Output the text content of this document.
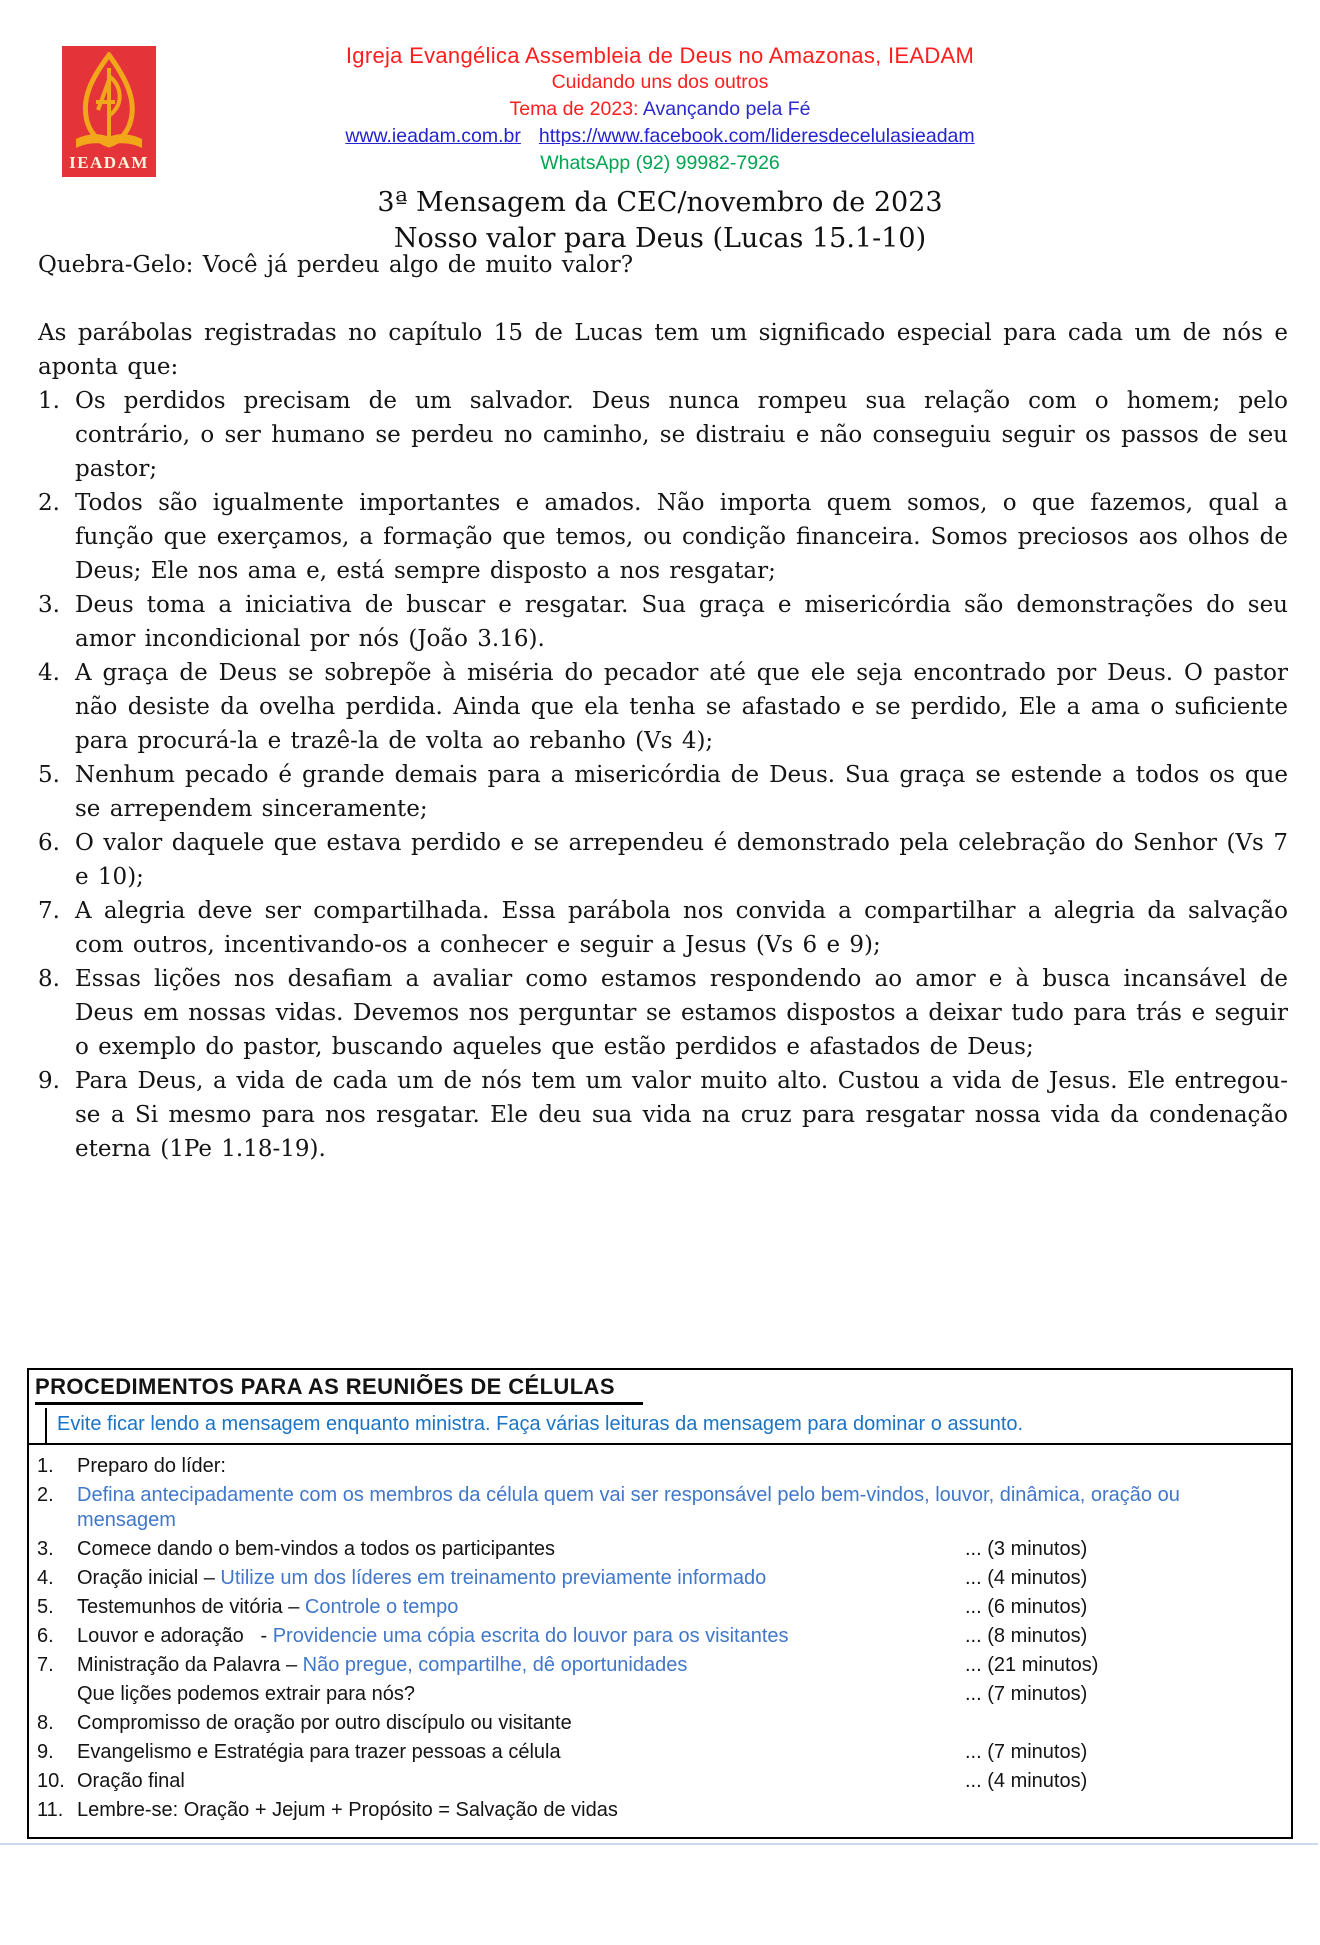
IEADAM
Igreja Evangélica Assembleia de Deus no Amazonas, IEADAM
Cuidando uns dos outros
Tema de 2023: Avançando pela Fé
www.ieadam.com.br https://www.facebook.com/lideresdecelulasieadam
WhatsApp (92) 99982-7926
3ª Mensagem da CEC/novembro de 2023
Nosso valor para Deus (Lucas 15.1-10)

Quebra-Gelo: Você já perdeu algo de muito valor?

As parábolas registradas no capítulo 15 de Lucas tem um significado especial para cada um de nós e aponta que:

1. Os perdidos precisam de um salvador. Deus nunca rompeu sua relação com o homem; pelo contrário, o ser humano se perdeu no caminho, se distraiu e não conseguiu seguir os passos de seu pastor;
2. Todos são igualmente importantes e amados. Não importa quem somos, o que fazemos, qual a função que exerçamos, a formação que temos, ou condição financeira. Somos preciosos aos olhos de Deus; Ele nos ama e, está sempre disposto a nos resgatar;
3. Deus toma a iniciativa de buscar e resgatar. Sua graça e misericórdia são demonstrações do seu amor incondicional por nós (João 3.16).
4. A graça de Deus se sobrepõe à miséria do pecador até que ele seja encontrado por Deus. O pastor não desiste da ovelha perdida. Ainda que ela tenha se afastado e se perdido, Ele a ama o suficiente para procurá-la e trazê-la de volta ao rebanho (Vs 4);
5. Nenhum pecado é grande demais para a misericórdia de Deus. Sua graça se estende a todos os que se arrependem sinceramente;
6. O valor daquele que estava perdido e se arrependeu é demonstrado pela celebração do Senhor (Vs 7 e 10);
7. A alegria deve ser compartilhada. Essa parábola nos convida a compartilhar a alegria da salvação com outros, incentivando-os a conhecer e seguir a Jesus (Vs 6 e 9);
8. Essas lições nos desafiam a avaliar como estamos respondendo ao amor e à busca incansável de Deus em nossas vidas. Devemos nos perguntar se estamos dispostos a deixar tudo para trás e seguir o exemplo do pastor, buscando aqueles que estão perdidos e afastados de Deus;
9. Para Deus, a vida de cada um de nós tem um valor muito alto. Custou a vida de Jesus. Ele entregou-se a Si mesmo para nos resgatar. Ele deu sua vida na cruz para resgatar nossa vida da condenação eterna (1Pe 1.18-19).
PROCEDIMENTOS PARA AS REUNIÕES DE CÉLULAS
Evite ficar lendo a mensagem enquanto ministra. Faça várias leituras da mensagem para dominar o assunto.
1.	Preparo do líder:
2.	Defina antecipadamente com os membros da célula quem vai ser responsável pelo bem-vindos, louvor, dinâmica, oração ou mensagem
3.	Comece dando o bem-vindos a todos os participantes	... (3 minutos)
4.	Oração inicial – Utilize um dos líderes em treinamento previamente informado	... (4 minutos)
5.	Testemunhos de vitória – Controle o tempo	... (6 minutos)
6.	Louvor e adoração   - Providencie uma cópia escrita do louvor para os visitantes	... (8 minutos)
7.	Ministração da Palavra – Não pregue, compartilhe, dê oportunidades	... (21 minutos)
Que lições podemos extrair para nós?	... (7 minutos)
8.	Compromisso de oração por outro discípulo ou visitante
9.	Evangelismo e Estratégia para trazer pessoas a célula	... (7 minutos)
10. Oração final	... (4 minutos)
11. Lembre-se: Oração + Jejum + Propósito = Salvação de vidas
